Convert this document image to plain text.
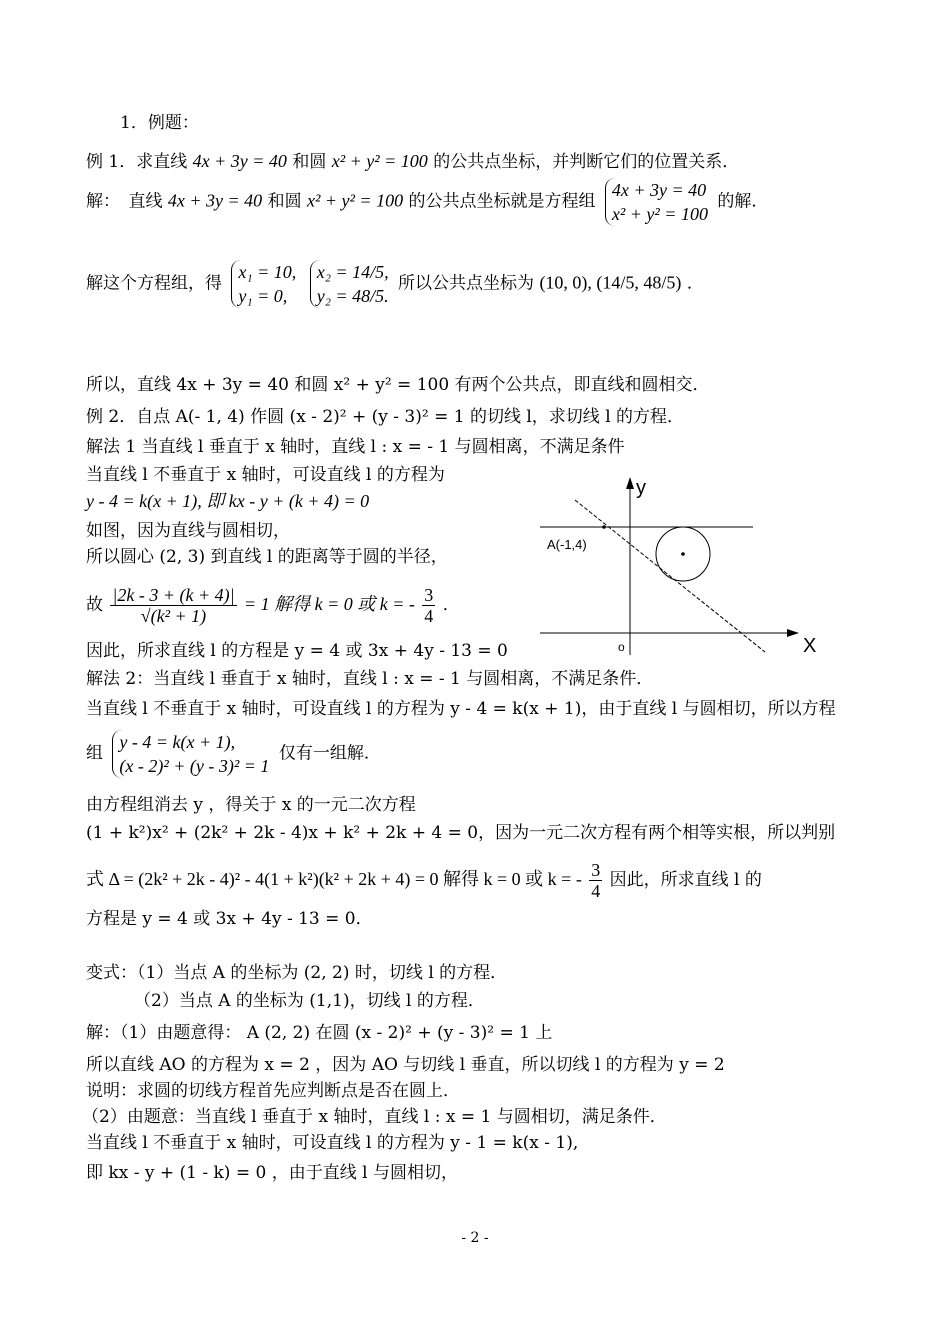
1．例题：
例 1．求直线 4x + 3y = 40 和圆 x² + y² = 100 的公共点坐标，并判断它们的位置关系．
解：　直线 4x + 3y = 40 和圆 x² + y² = 100 的公共点坐标就是方程组
4x + 3y = 40
x² + y² = 100
的解．
解这个方程组，得
x₁ = 10,
y₁ = 0,

x₂ = 14/5,
y₂ = 48/5.
所以公共点坐标为 (10, 0), (14/5, 48/5) ．
所以，直线 4x + 3y = 40 和圆 x² + y² = 100 有两个公共点，即直线和圆相交．
例 2．自点 A(- 1, 4) 作圆 (x - 2)² + (y - 3)² = 1 的切线 l，求切线 l 的方程．
解法 1 当直线 l 垂直于 x 轴时，直线 l : x = - 1 与圆相离，不满足条件
当直线 l 不垂直于 x 轴时，可设直线 l 的方程为
y - 4 = k(x + 1), 即 kx - y + (k + 4) = 0
如图，因为直线与圆相切，
所以圆心 (2, 3) 到直线 l 的距离等于圆的半径，
故 $\frac{|2k - 3 + (k + 4)|}{\text{√(k² + 1)}} = 1$ 解得 k = 0 或 k = - $\frac{3}{4}$ ．
因此，所求直线 l 的方程是 y = 4 或 3x + 4y - 13 = 0
y
X
A(-1,4)
o
解法 2：当直线 l 垂直于 x 轴时，直线 l : x = - 1 与圆相离，不满足条件．
当直线 l 不垂直于 x 轴时，可设直线 l 的方程为 y - 4 = k(x + 1)，由于直线 l 与圆相切，所以方程
组
y - 4 = k(x + 1),
(x - 2)² + (y - 3)² = 1
仅有一组解．
由方程组消去 y ，得关于 x 的一元二次方程
(1 + k²)x² + (2k² + 2k - 4)x + k² + 2k + 4 = 0，因为一元二次方程有两个相等实根，所以判别
式 Δ = (2k² + 2k - 4)² - 4(1 + k²)(k² + 2k + 4) = 0 解得 k = 0 或 k = - $\frac{3}{4}$ 因此，所求直线 l 的
方程是 y = 4 或 3x + 4y - 13 = 0．
变式：（1）当点 A 的坐标为 (2, 2) 时，切线 l 的方程．
（2）当点 A 的坐标为 (1,1)，切线 l 的方程．
解：（1）由题意得： A (2, 2) 在圆 (x - 2)² + (y - 3)² = 1 上
所以直线 AO 的方程为 x = 2 ，因为 AO 与切线 l 垂直，所以切线 l 的方程为 y = 2
说明：求圆的切线方程首先应判断点是否在圆上．
（2）由题意：当直线 l 垂直于 x 轴时，直线 l : x = 1 与圆相切，满足条件．
当直线 l 不垂直于 x 轴时，可设直线 l 的方程为 y - 1 = k(x - 1),
即 kx - y + (1 - k) = 0 ，由于直线 l 与圆相切，
- 2 -
